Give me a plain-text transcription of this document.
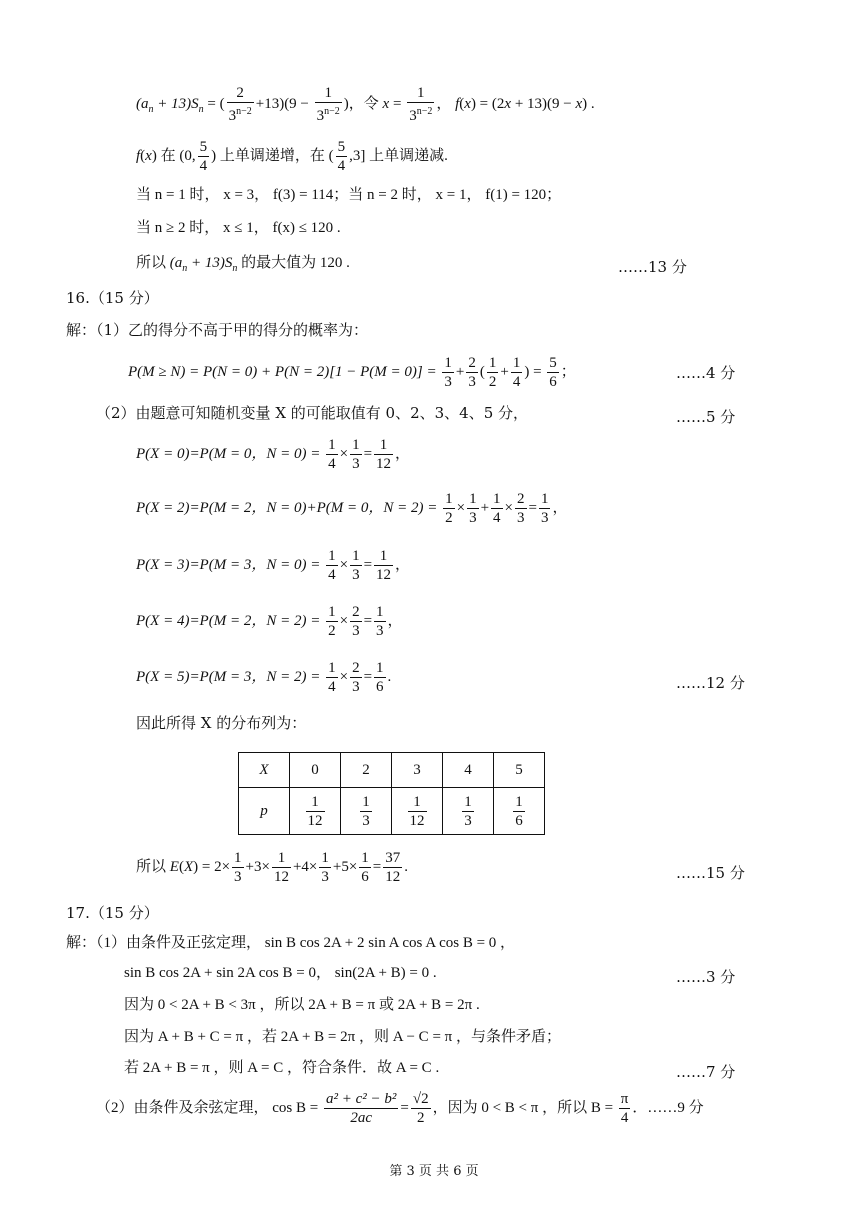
$(a_n + 13)S_n$ = ( $\frac{2}{3^{n-2}} +13)(9 - \frac{1}{3^{n-2}}$ )，令 $x = \frac{1}{3^{n-2}}$ ， f(x) = (2x + 13)(9 − x) .
f(x) 在 (0, $\frac{5}{4}$ ) 上单调递增，在 ( $\frac{5}{4} ,3$] 上单调递减.
当 n = 1 时， x = 3， f(3) = 114；当 n = 2 时， x = 1， f(1) = 120；
当 n ≥ 2 时， x ≤ 1， f(x) ≤ 120 .
所以 $(a_n + 13)S_n$ 的最大值为 120 .	……13 分
16.（15 分）
解：（1）乙的得分不高于甲的得分的概率为：
$P(M \ge N) = P(N = 0) + P(N = 2)[1 - P(M = 0)] = \frac{1}{3} + \frac{2}{3}$ ( $\frac{1}{2} + \frac{1}{4}$ ) = $\frac{5}{6}$ ；	……4 分
（2）由题意可知随机变量 X 的可能取值有 0、2、3、4、5 分，	……5 分
P(X = 0)=P(M = 0，$N = 0) = \frac{1}{4} \times \frac{1}{3} = \frac{1}{12}$ ，
P(X = 2)=P(M = 2，N = 0)+P(M = 0，$N = 2) = \frac{1}{2} \times \frac{1}{3} + \frac{1}{4} \times \frac{2}{3} = \frac{1}{3}$ ，
P(X = 3)=P(M = 3，$N = 0) = \frac{1}{4} \times \frac{1}{3} = \frac{1}{12}$ ，
P(X = 4)=P(M = 2，$N = 2) = \frac{1}{2} \times \frac{2}{3} = \frac{1}{3}$ ，
P(X = 5)=P(M = 3，$N = 2) = \frac{1}{4} \times \frac{2}{3} = \frac{1}{6}$ .	……12 分
因此所得 X 的分布列为：
X	0	2	3	4	5
p	$\frac{1}{12}$	$\frac{1}{3}$	$\frac{1}{12}$	$\frac{1}{3}$	$\frac{1}{6}$
所以 $E(X) = 2\times \frac{1}{3} +3\times \frac{1}{12} +4\times \frac{1}{3} +5\times \frac{1}{6} = \frac{37}{12}$ .	……15 分
17.（15 分）
解：（1）由条件及正弦定理， sin B cos 2A + 2 sin A cos A cos B = 0 ，
sin B cos 2A + sin 2A cos B = 0， sin(2A + B) = 0 .	……3 分
因为 0 < 2A + B < 3π ，所以 2A + B = π 或 2A + B = 2π .
因为 A + B + C = π ，若 2A + B = 2π ，则 A − C = π ，与条件矛盾；
若 2A + B = π ，则 A = C ，符合条件．故 A = C .	……7 分
（2）由条件及余弦定理， $\cos B = \frac{\text{a² + c² − b²}}{2ac} = \frac{√2}{2}$ ，因为 0 < B < π ，所以 $B = \frac{\pi}{4}$ ．……9 分
第 3 页 共 6 页
